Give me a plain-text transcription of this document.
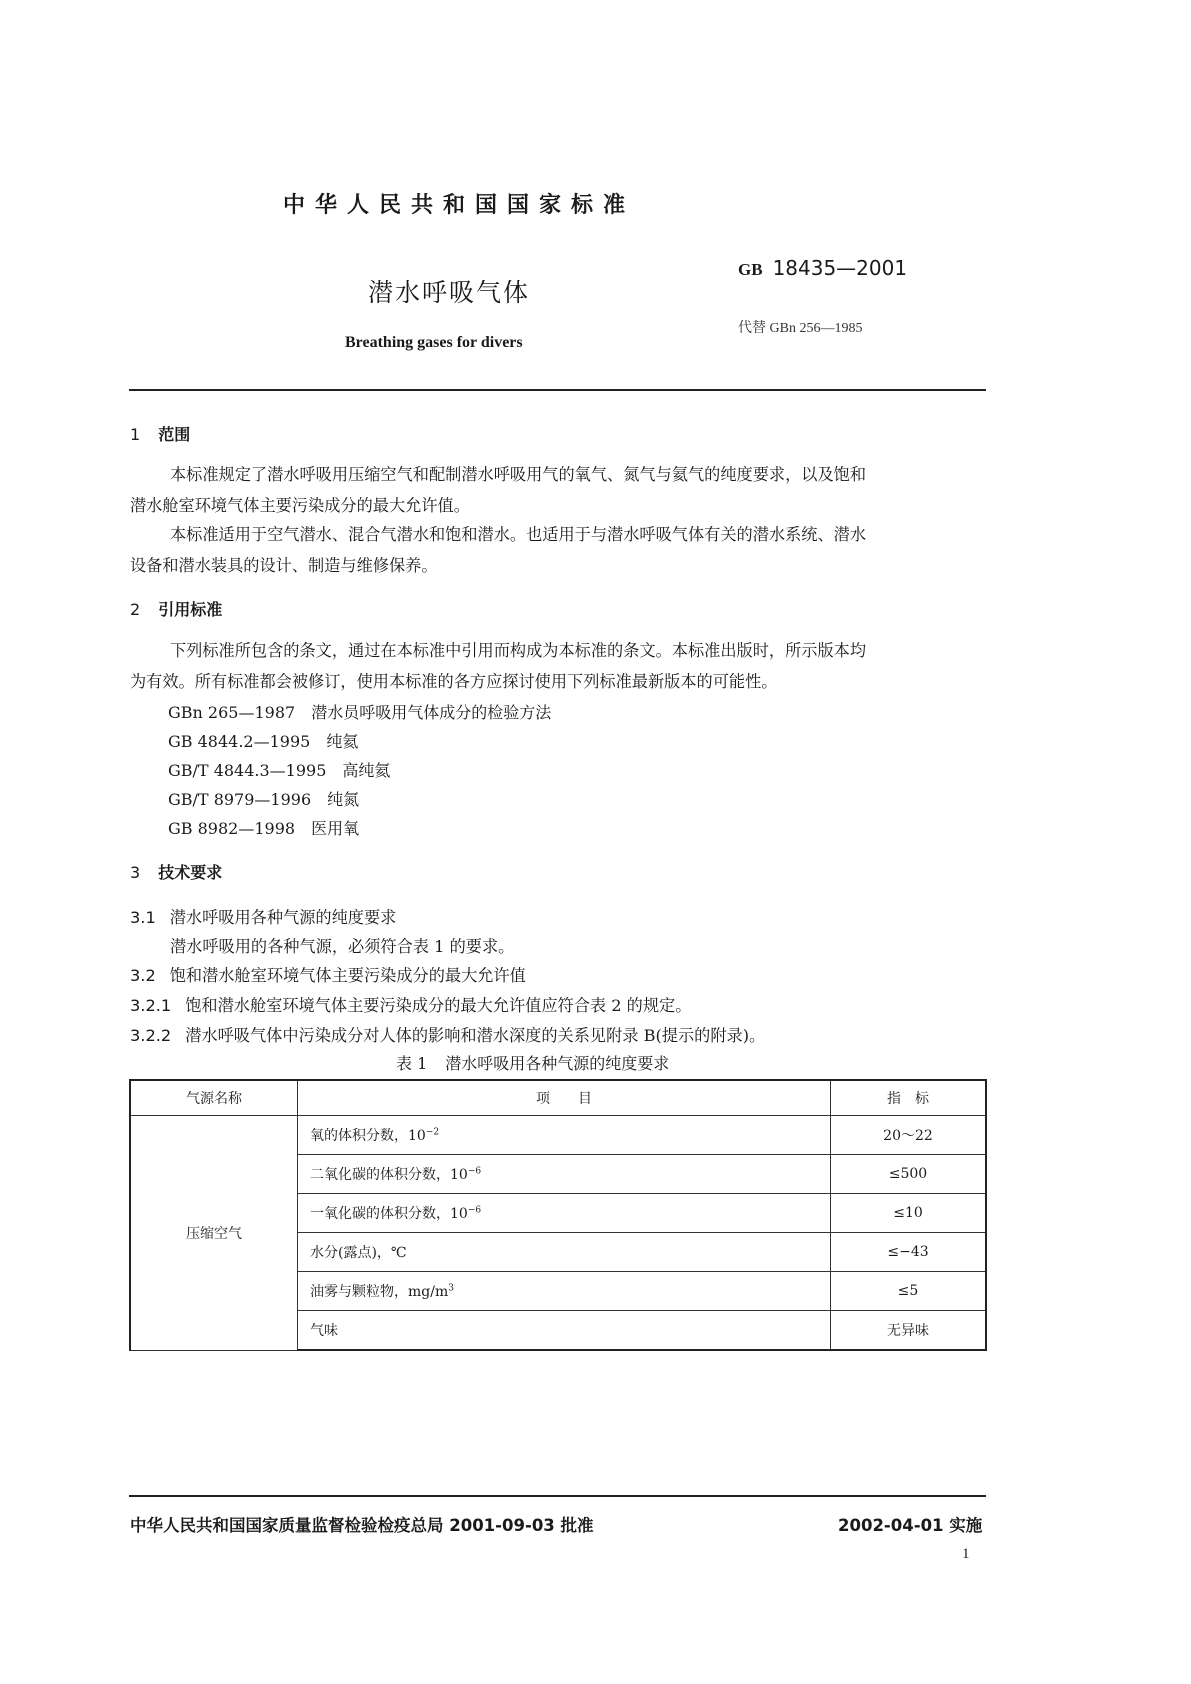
中华人民共和国国家标准
潜水呼吸气体
Breathing gases for divers
GB 18435—2001
代替 GBn 256—1985
1 范围
本标准规定了潜水呼吸用压缩空气和配制潜水呼吸用气的氧气、氮气与氦气的纯度要求，以及饱和
潜水舱室环境气体主要污染成分的最大允许值。
本标准适用于空气潜水、混合气潜水和饱和潜水。也适用于与潜水呼吸气体有关的潜水系统、潜水
设备和潜水装具的设计、制造与维修保养。
2 引用标准
下列标准所包含的条文，通过在本标准中引用而构成为本标准的条文。本标准出版时，所示版本均
为有效。所有标准都会被修订，使用本标准的各方应探讨使用下列标准最新版本的可能性。
GBn 265—1987 潜水员呼吸用气体成分的检验方法
GB 4844.2—1995 纯氦
GB/T 4844.3—1995 高纯氦
GB/T 8979—1996 纯氮
GB 8982—1998 医用氧
3 技术要求
3.1 潜水呼吸用各种气源的纯度要求
潜水呼吸用的各种气源，必须符合表 1 的要求。
3.2 饱和潜水舱室环境气体主要污染成分的最大允许值
3.2.1 饱和潜水舱室环境气体主要污染成分的最大允许值应符合表 2 的规定。
3.2.2 潜水呼吸气体中污染成分对人体的影响和潜水深度的关系见附录 B(提示的附录)。
表 1 潜水呼吸用各种气源的纯度要求
气源名称	项　　目	指　标
压缩空气	氧的体积分数，$10^{-2}$	20～22
	二氧化碳的体积分数，$10^{-6}$	≤500
	一氧化碳的体积分数，$10^{-6}$	≤10
	水分(露点)，℃	≤−43
	油雾与颗粒物，$mg/m^3$	≤5
	气味	无异味
中华人民共和国国家质量监督检验检疫总局 2001-09-03 批准	2002-04-01 实施
1
